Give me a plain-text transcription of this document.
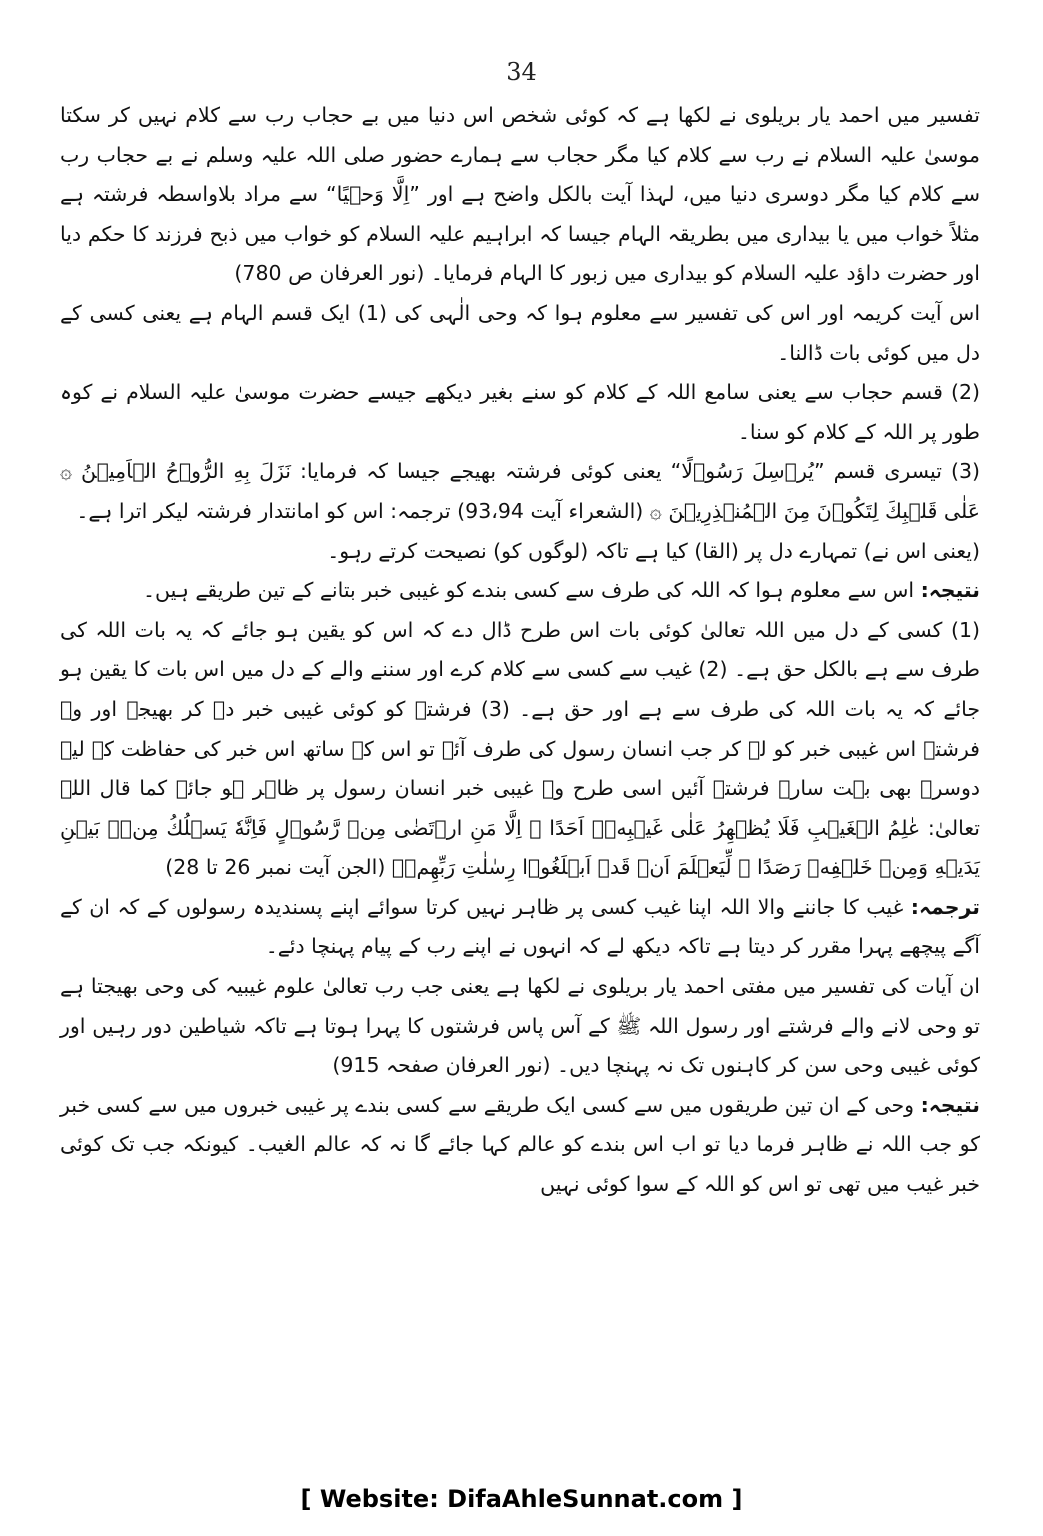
34

تفسیر میں احمد یار بریلوی نے لکھا ہے کہ کوئی شخص اس دنیا میں بے حجاب رب سے کلام نہیں کر سکتا موسیٰ علیہ السلام نے رب سے کلام کیا مگر حجاب سے ہمارے حضور صلی اللہ علیہ وسلم نے بے حجاب رب سے کلام کیا مگر دوسری دنیا میں، لہذا آیت بالکل واضح ہے اور ”اِلَّا وَحۡیًا“ سے مراد بلاواسطہ فرشتہ ہے مثلاً خواب میں یا بیداری میں بطریقہ الہام جیسا کہ ابراہیم علیہ السلام کو خواب میں ذبح فرزند کا حکم دیا اور حضرت داؤد علیہ السلام کو بیداری میں زبور کا الہام فرمایا۔ (نور العرفان ص 780)

اس آیت کریمہ اور اس کی تفسیر سے معلوم ہوا کہ وحی الٰہی کی (1) ایک قسم الہام ہے یعنی کسی کے دل میں کوئی بات ڈالنا۔

(2) قسم حجاب سے یعنی سامع اللہ کے کلام کو سنے بغیر دیکھے جیسے حضرت موسیٰ علیہ السلام نے کوہ طور پر اللہ کے کلام کو سنا۔

(3) تیسری قسم ”یُرۡسِلَ رَسُوۡلًا“ یعنی کوئی فرشتہ بھیجے جیسا کہ فرمایا: نَزَلَ بِهِ الرُّوۡحُ الۡاَمِیۡنُ ۞ عَلٰی قَلۡبِكَ لِتَكُوۡنَ مِنَ الۡمُنۡذِرِیۡنَ ۞ (الشعراء آیت 93،94) ترجمہ: اس کو امانتدار فرشتہ لیکر اترا ہے۔

(یعنی اس نے) تمہارے دل پر (القا) کیا ہے تاکہ (لوگوں کو) نصیحت کرتے رہو۔

نتیجہ: اس سے معلوم ہوا کہ اللہ کی طرف سے کسی بندے کو غیبی خبر بتانے کے تین طریقے ہیں۔

(1) کسی کے دل میں اللہ تعالیٰ کوئی بات اس طرح ڈال دے کہ اس کو یقین ہو جائے کہ یہ بات اللہ کی طرف سے ہے بالکل حق ہے۔ (2) غیب سے کسی سے کلام کرے اور سننے والے کے دل میں اس بات کا یقین ہو جائے کہ یہ بات اللہ کی طرف سے ہے اور حق ہے۔ (3) فرشتے کو کوئی غیبی خبر دے کر بھیجے اور وہ فرشتہ اس غیبی خبر کو لے کر جب انسان رسول کی طرف آئے تو اس کے ساتھ اس خبر کی حفاظت کے لیے دوسرے بھی بہت سارے فرشتے آئیں اسی طرح وہ غیبی خبر انسان رسول پر ظاہر ہو جائے کما قال اللہ تعالیٰ: عٰلِمُ الۡغَیۡبِ فَلَا یُظۡهِرُ عَلٰی غَیۡبِهٖۤ اَحَدًا ۞ اِلَّا مَنِ ارۡتَضٰی مِنۡ رَّسُوۡلٍ فَاِنَّهٗ یَسۡلُكُ مِنۡۢ بَیۡنِ یَدَیۡهِ وَمِنۡ خَلۡفِهٖ رَصَدًا ۞ لِّیَعۡلَمَ اَنۡ قَدۡ اَبۡلَغُوۡا رِسٰلٰتِ رَبِّهِمۡ۔ (الجن آیت نمبر 26 تا 28)

ترجمہ: غیب کا جاننے والا اللہ اپنا غیب کسی پر ظاہر نہیں کرتا سوائے اپنے پسندیدہ رسولوں کے کہ ان کے آگے پیچھے پہرا مقرر کر دیتا ہے تاکہ دیکھ لے کہ انہوں نے اپنے رب کے پیام پہنچا دئے۔

ان آیات کی تفسیر میں مفتی احمد یار بریلوی نے لکھا ہے یعنی جب رب تعالیٰ علوم غیبیہ کی وحی بھیجتا ہے تو وحی لانے والے فرشتے اور رسول اللہ ﷺ کے آس پاس فرشتوں کا پہرا ہوتا ہے تاکہ شیاطین دور رہیں اور کوئی غیبی وحی سن کر کاہنوں تک نہ پہنچا دیں۔ (نور العرفان صفحہ 915)

نتیجہ: وحی کے ان تین طریقوں میں سے کسی ایک طریقے سے کسی بندے پر غیبی خبروں میں سے کسی خبر کو جب اللہ نے ظاہر فرما دیا تو اب اس بندے کو عالم کہا جائے گا نہ کہ عالم الغیب۔ کیونکہ جب تک کوئی خبر غیب میں تھی تو اس کو اللہ کے سوا کوئی نہیں

[ Website: DifaAhleSunnat.com ]
